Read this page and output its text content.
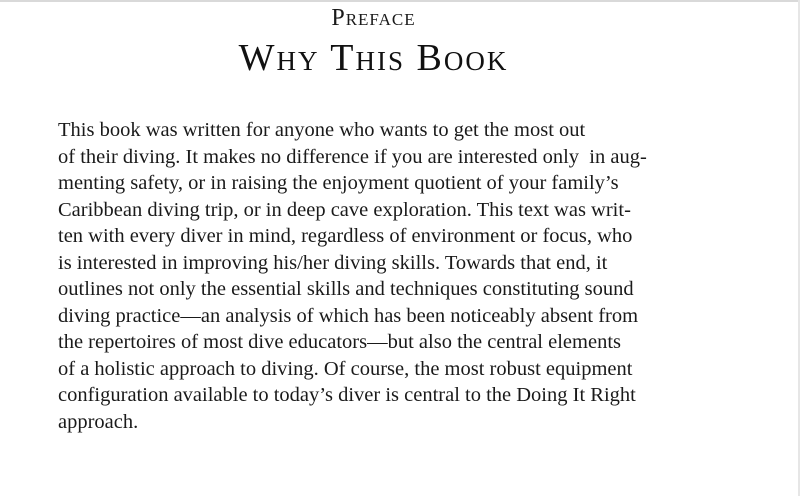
Preface
Why This Book
This book was written for anyone who wants to get the most out
of their diving. It makes no difference if you are interested only  in aug-
menting safety, or in raising the enjoyment quotient of your family’s
Caribbean diving trip, or in deep cave exploration. This text was writ-
ten with every diver in mind, regardless of environment or focus, who
is interested in improving his/her diving skills. Towards that end, it
outlines not only the essential skills and techniques constituting sound
diving practice—an analysis of which has been noticeably absent from
the repertoires of most dive educators—but also the central elements
of a holistic approach to diving. Of course, the most robust equipment
configuration available to today’s diver is central to the Doing It Right
approach.
